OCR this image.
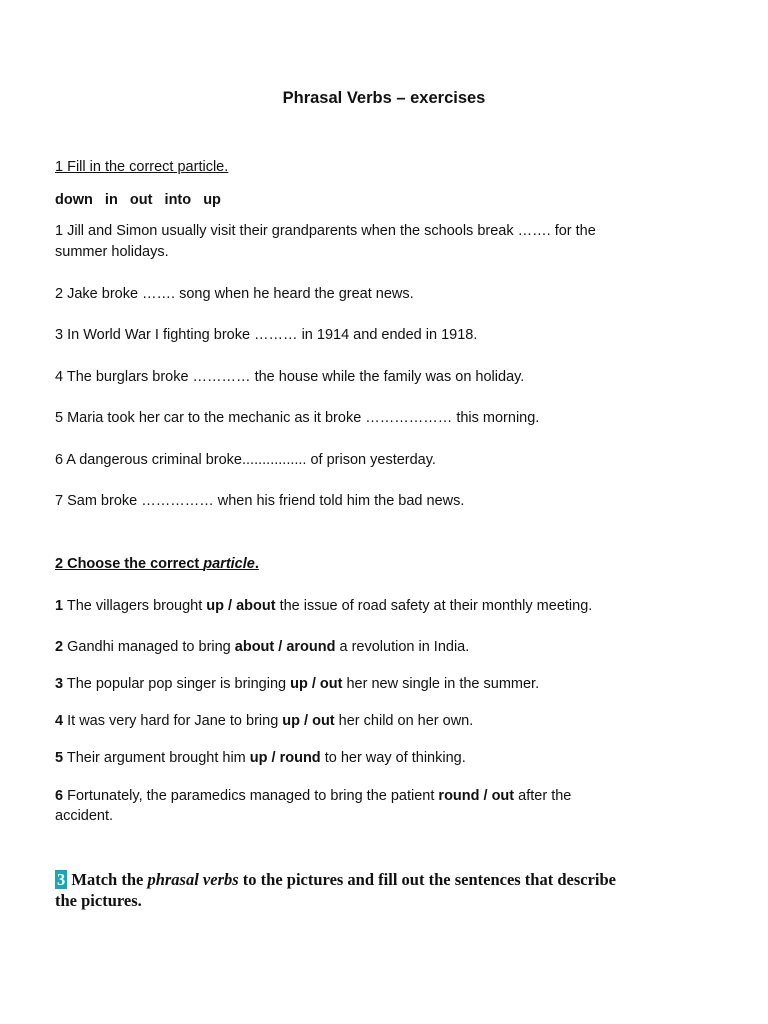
Phrasal Verbs – exercises
1 Fill in the correct particle.
down   in   out   into   up
1 Jill and Simon usually visit their grandparents when the schools break ……. for the
summer holidays.
2 Jake broke ……. song when he heard the great news.
3 In World War I fighting broke ……… in 1914 and ended in 1918.
4 The burglars broke ………… the house while the family was on holiday.
5 Maria took her car to the mechanic as it broke ……………… this morning.
6 A dangerous criminal broke................ of prison yesterday.
7 Sam broke …………… when his friend told him the bad news.
2 Choose the correct particle.
1 The villagers brought up / about the issue of road safety at their monthly meeting.
2 Gandhi managed to bring about / around a revolution in India.
3 The popular pop singer is bringing up / out her new single in the summer.
4 It was very hard for Jane to bring up / out her child on her own.
5 Their argument brought him up / round to her way of thinking.
6 Fortunately, the paramedics managed to bring the patient round / out after the
accident.
3 Match the phrasal verbs to the pictures and fill out the sentences that describe
the pictures.
